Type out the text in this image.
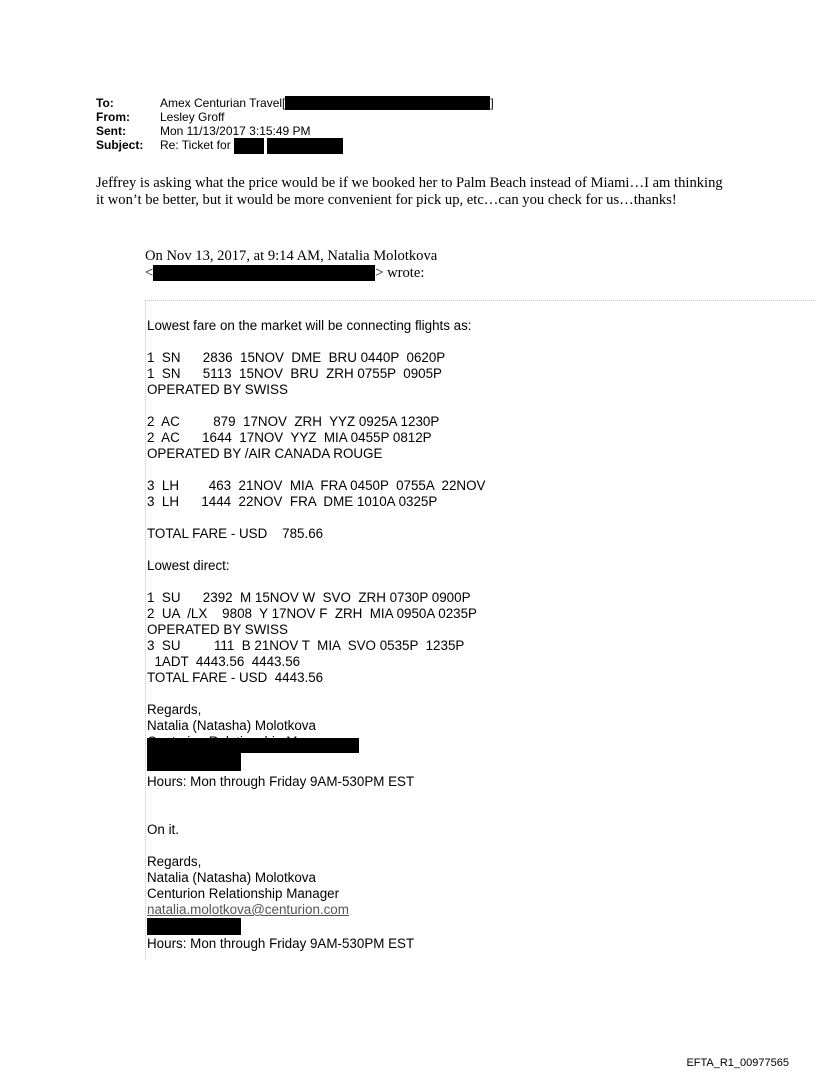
To:	Amex Centurian Travel[	]
From:	Lesley Groff
Sent:	Mon 11/13/2017 3:15:49 PM
Subject:	Re: Ticket for
Jeffrey is asking what the price would be if we booked her to Palm Beach instead of Miami…I am thinking it won’t be better, but it would be more convenient for pick up, etc…can you check for us…thanks!
On Nov 13, 2017, at 9:14 AM, Natalia Molotkova
<	> wrote:
Lowest fare on the market will be connecting flights as:
1  SN      2836  15NOV  DME  BRU 0440P  0620P
1  SN      5113  15NOV  BRU  ZRH 0755P  0905P
OPERATED BY SWISS
2  AC         879  17NOV  ZRH  YYZ 0925A 1230P
2  AC      1644  17NOV  YYZ  MIA 0455P 0812P
OPERATED BY /AIR CANADA ROUGE
3  LH        463  21NOV  MIA  FRA 0450P  0755A  22NOV
3  LH      1444  22NOV  FRA  DME 1010A 0325P
TOTAL FARE - USD    785.66
Lowest direct:
1  SU      2392  M 15NOV W  SVO  ZRH 0730P 0900P
2  UA  /LX    9808  Y 17NOV F  ZRH  MIA 0950A 0235P
OPERATED BY SWISS
3  SU         111  B 21NOV T  MIA  SVO 0535P  1235P
1ADT  4443.56  4443.56
TOTAL FARE - USD  4443.56
Regards,
Natalia (Natasha) Molotkova
Hours: Mon through Friday 9AM-530PM EST
On it.
Regards,
Natalia (Natasha) Molotkova
Centurion Relationship Manager
natalia.molotkova@centurion.com
Hours: Mon through Friday 9AM-530PM EST
EFTA_R1_00977565
